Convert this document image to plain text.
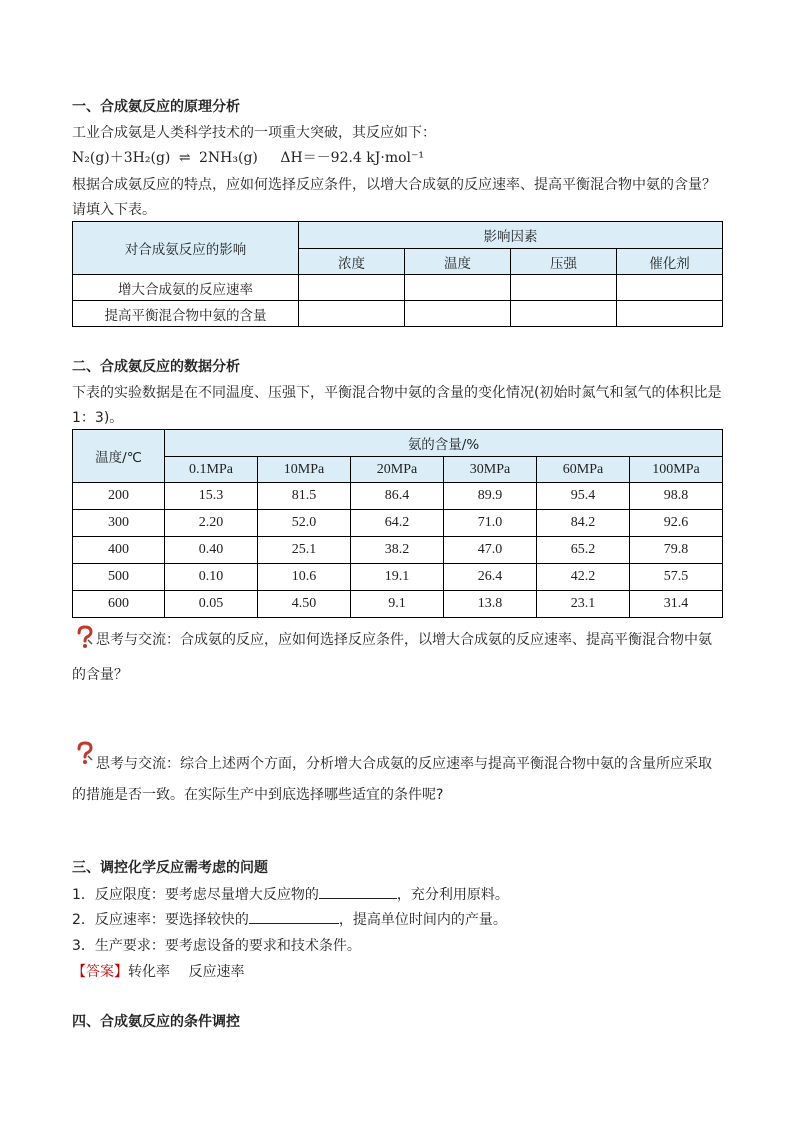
一、合成氨反应的原理分析
工业合成氨是人类科学技术的一项重大突破，其反应如下：
N₂(g)＋3H₂(g) ⇌ 2NH₃(g) ΔH＝－92.4 kJ·mol⁻¹
根据合成氨反应的特点，应如何选择反应条件，以增大合成氨的反应速率、提高平衡混合物中氨的含量？
请填入下表。
对合成氨反应的影响	影响因素			
	浓度	温度	压强	催化剂
增大合成氨的反应速率				
提高平衡混合物中氨的含量				
二、合成氨反应的数据分析
下表的实验数据是在不同温度、压强下，平衡混合物中氨的含量的变化情况(初始时氮气和氢气的体积比是
1：3)。
温度/℃	氨的含量/%					
	0.1MPa	10MPa	20MPa	30MPa	60MPa	100MPa
200	15.3	81.5	86.4	89.9	95.4	98.8
300	2.20	52.0	64.2	71.0	84.2	92.6
400	0.40	25.1	38.2	47.0	65.2	79.8
500	0.10	10.6	19.1	26.4	42.2	57.5
600	0.05	4.50	9.1	13.8	23.1	31.4
思考与交流：合成氨的反应，应如何选择反应条件，以增大合成氨的反应速率、提高平衡混合物中氨
的含量？
思考与交流：综合上述两个方面，分析增大合成氨的反应速率与提高平衡混合物中氨的含量所应采取
的措施是否一致。在实际生产中到底选择哪些适宜的条件呢?
三、调控化学反应需考虑的问题
1．反应限度：要考虑尽量增大反应物的	，充分利用原料。
2．反应速率：要选择较快的	，提高单位时间内的产量。
3．生产要求：要考虑设备的要求和技术条件。
【答案】转化率　 反应速率
四、合成氨反应的条件调控
